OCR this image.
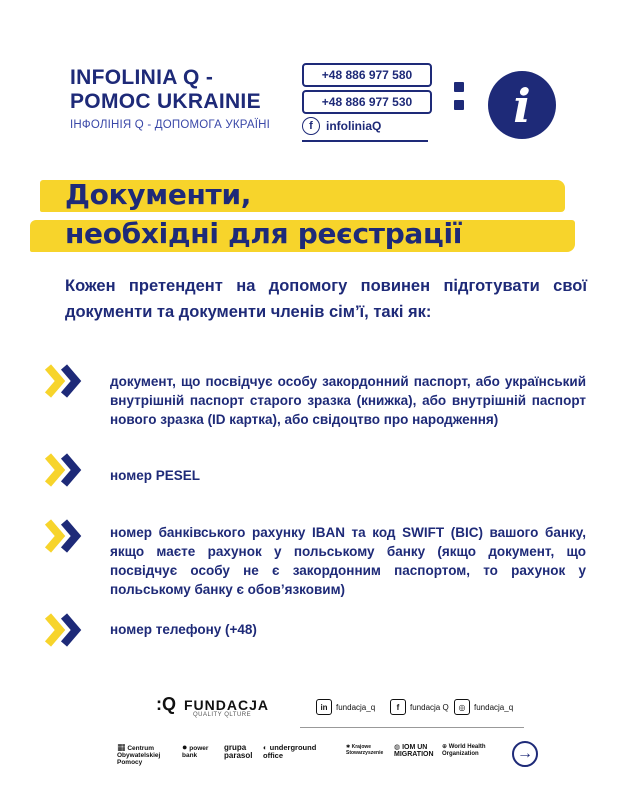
INFOLINIA Q -
POMOC UKRAINIE
ІНФОЛІНІЯ Q - ДОПОМОГА УКРАЇНІ
+48 886 977 580
+48 886 977 530
f	infoliniaQ	i
Документи,
необхідні для реєстрації
Кожен претендент на допомогу повинен підготувати свої документи та документи членів сім’ї, такі як:
документ, що посвідчує особу закордонний паспорт, або український внутрішній паспорт старого зразка (книжка), або внутрішній паспорт нового зразка (ID картка), або свідоцтво про народження)
номер PESEL
номер банківського рахунку IBAN та код SWIFT (BIC) вашого банку, якщо маєте рахунок у польському банку (якщо документ, що посвідчує особу не є закордонним паспортом, то рахунок у польському банку є обов’язковим)
номер телефону (+48)
:Q FUNDACJA
QUALITY QLTURE
in	fundacja_q	f	fundacja Q	◎	fundacja_q
▦ Centrum Obywatelskiej Pomocy
● power bank
grupa parasol
◐ underground office
✱ Krajowe Stowarzyszenie
◍ IOM UN MIGRATION
⊕ World Health Organization	→
